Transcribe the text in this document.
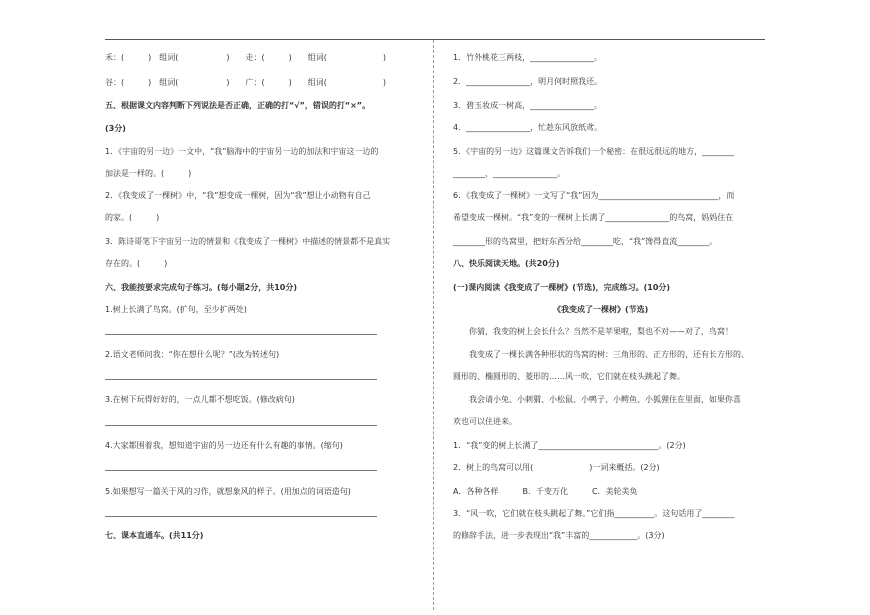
禾：(　　　)　组词(　　　　　　)　　走：(　　　)　　组词(　　　　　　　)
谷：(　　　)　组词(　　　　　　)　　广：(　　　)　　组词(　　　　　　　)
五、根据课文内容判断下列说法是否正确，正确的打“√”，错误的打“×”。
(3分)
1．《宇宙的另一边》一文中，“我”脑海中的宇宙另一边的加法和宇宙这一边的
加法是一样的。(　　　)
2．《我变成了一棵树》中，“我”想变成一棵树，因为“我”想让小动物有自己
的家。(　　　)
3．陈诗哥笔下宇宙另一边的情景和《我变成了一棵树》中描述的情景都不是真实
存在的。(　　　)
六、我能按要求完成句子练习。(每小题2分，共10分)
1.树上长满了鸟窝。(扩句，至少扩两处)
2.语文老师问我：“你在想什么呢？”(改为转述句)
3.在树下玩得好好的，一点儿都不想吃饭。(修改病句)
4.大家都围着我，想知道宇宙的另一边还有什么有趣的事情。(缩句)
5.如果想写一篇关于风的习作，就想象风的样子。(用加点的词语造句)
七、课本直通车。(共11分)
1．竹外桃花三两枝，________________。
2．________________，明月何时照我还。
3．碧玉妆成一树高，________________。
4．________________，忙趁东风放纸鸢。
5．《宇宙的另一边》这篇课文告诉我们一个秘密：在很远很远的地方，________
________，________________。
6．《我变成了一棵树》一文写了“我”因为______________________________，而
希望变成一棵树。“我”变的一棵树上长满了________________的鸟窝，妈妈住在
________形的鸟窝里，把好东西分给________吃，“我”馋得直流________。
八、快乐阅读天地。(共20分)
(一)课内阅读《我变成了一棵树》(节选)，完成练习。(10分)
《我变成了一棵树》(节选)
你猜，我变的树上会长什么？当然不是苹果啦，梨也不对——对了，鸟窝！
我变成了一棵长满各种形状的鸟窝的树：三角形的、正方形的，还有长方形的、
圆形的、椭圆形的、菱形的……风一吹，它们就在枝头跳起了舞。
我会请小兔、小刺猬、小松鼠、小鸭子、小鳄鱼、小狐狸住在里面，如果你喜
欢也可以住进来。
1．“我”变的树上长满了______________________________。(2分)
2．树上的鸟窝可以用(　　　　　　　)一词来概括。(2分)
A．各种各样　　　B．千变万化　　　C．美轮美奂
3．“风一吹，它们就在枝头跳起了舞。”它们指__________。这句话用了________
的修辞手法，进一步表现出“我”丰富的____________。(3分)
